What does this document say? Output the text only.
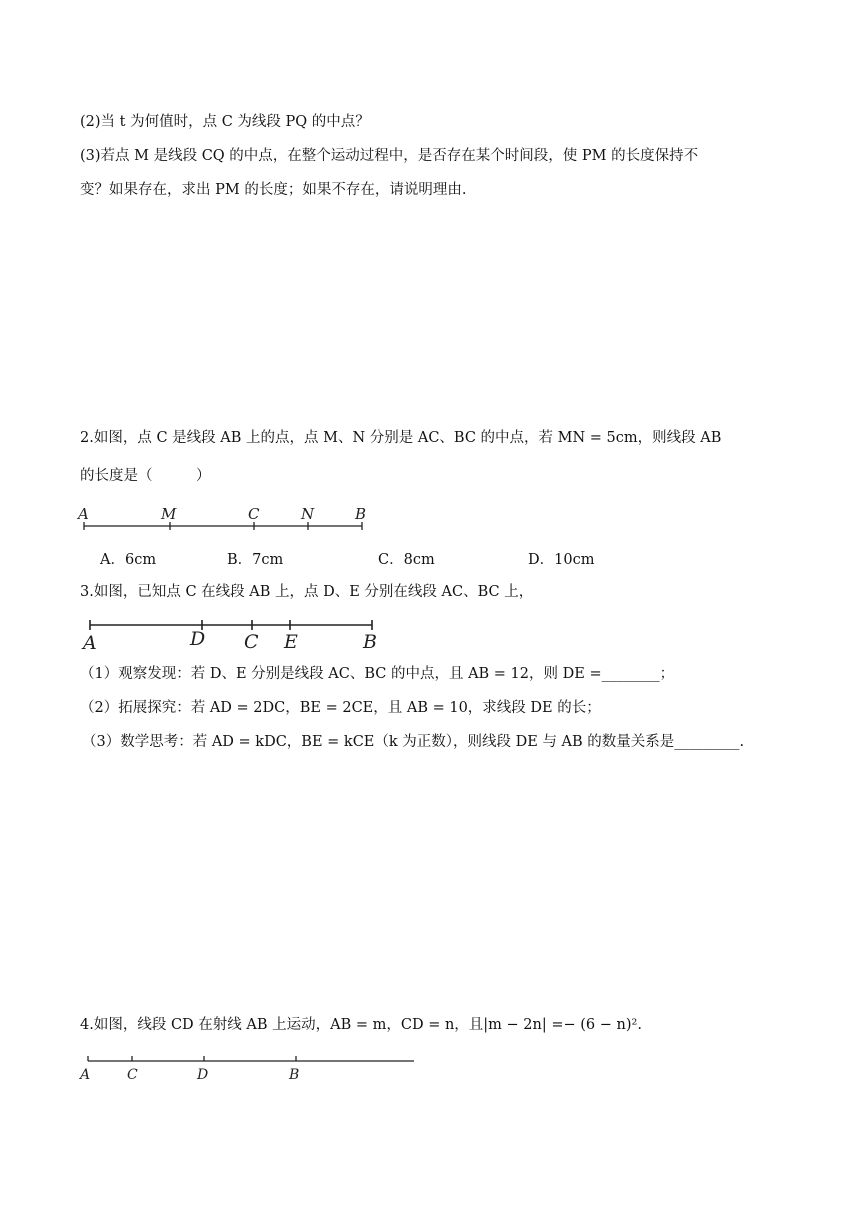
(2)当 t 为何值时，点 C 为线段 PQ 的中点？
(3)若点 M 是线段 CQ 的中点，在整个运动过程中，是否存在某个时间段，使 PM 的长度保持不
变？如果存在，求出 PM 的长度；如果不存在，请说明理由.
2.如图，点 C 是线段 AB 上的点，点 M、N 分别是 AC、BC 的中点，若 MN = 5cm，则线段 AB
的长度是（　　　）
A	M	C	N	B
A	D C E	B
A	C	D	B
A．6cm	B．7cm	C．8cm	D．10cm
3.如图，已知点 C 在线段 AB 上，点 D、E 分别在线段 AC、BC 上，
（1）观察发现：若 D、E 分别是线段 AC、BC 的中点，且 AB = 12，则 DE =________；
（2）拓展探究：若 AD = 2DC，BE = 2CE，且 AB = 10，求线段 DE 的长；
（3）数学思考：若 AD = kDC，BE = kCE（k 为正数），则线段 DE 与 AB 的数量关系是_________.
4.如图，线段 CD 在射线 AB 上运动，AB = m，CD = n，且|m − 2n| =− (6 − n)².
